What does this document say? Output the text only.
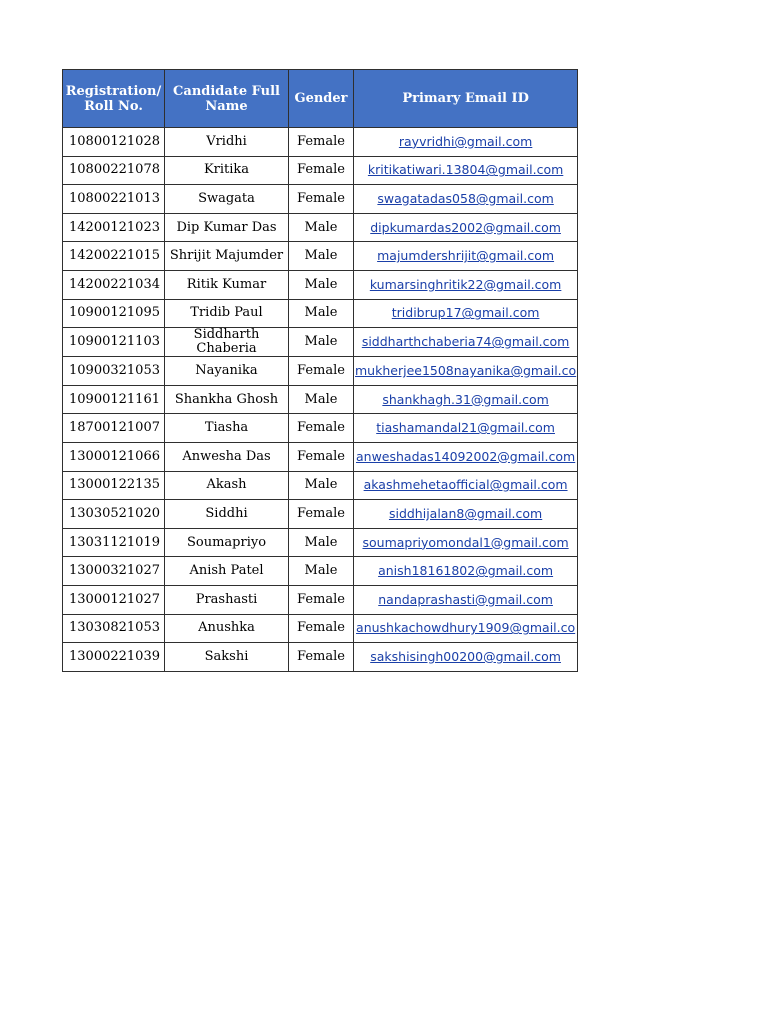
Registration/ Roll No.	Candidate Full Name	Gender	Primary Email ID
10800121028	Vridhi	Female	rayvridhi@gmail.com
10800221078	Kritika	Female	kritikatiwari.13804@gmail.com
10800221013	Swagata	Female	swagatadas058@gmail.com
14200121023	Dip Kumar Das	Male	dipkumardas2002@gmail.com
14200221015	Shrijit Majumder	Male	majumdershrijit@gmail.com
14200221034	Ritik Kumar	Male	kumarsinghritik22@gmail.com
10900121095	Tridib Paul	Male	tridibrup17@gmail.com
10900121103	Siddharth Chaberia	Male	siddharthchaberia74@gmail.com
10900321053	Nayanika	Female	mukherjee1508nayanika@gmail.co
10900121161	Shankha Ghosh	Male	shankhagh.31@gmail.com
18700121007	Tiasha	Female	tiashamandal21@gmail.com
13000121066	Anwesha Das	Female	anweshadas14092002@gmail.com
13000122135	Akash	Male	akashmehetaofficial@gmail.com
13030521020	Siddhi	Female	siddhijalan8@gmail.com
13031121019	Soumapriyo	Male	soumapriyomondal1@gmail.com
13000321027	Anish Patel	Male	anish18161802@gmail.com
13000121027	Prashasti	Female	nandaprashasti@gmail.com
13030821053	Anushka	Female	anushkachowdhury1909@gmail.co
13000221039	Sakshi	Female	sakshisingh00200@gmail.com
